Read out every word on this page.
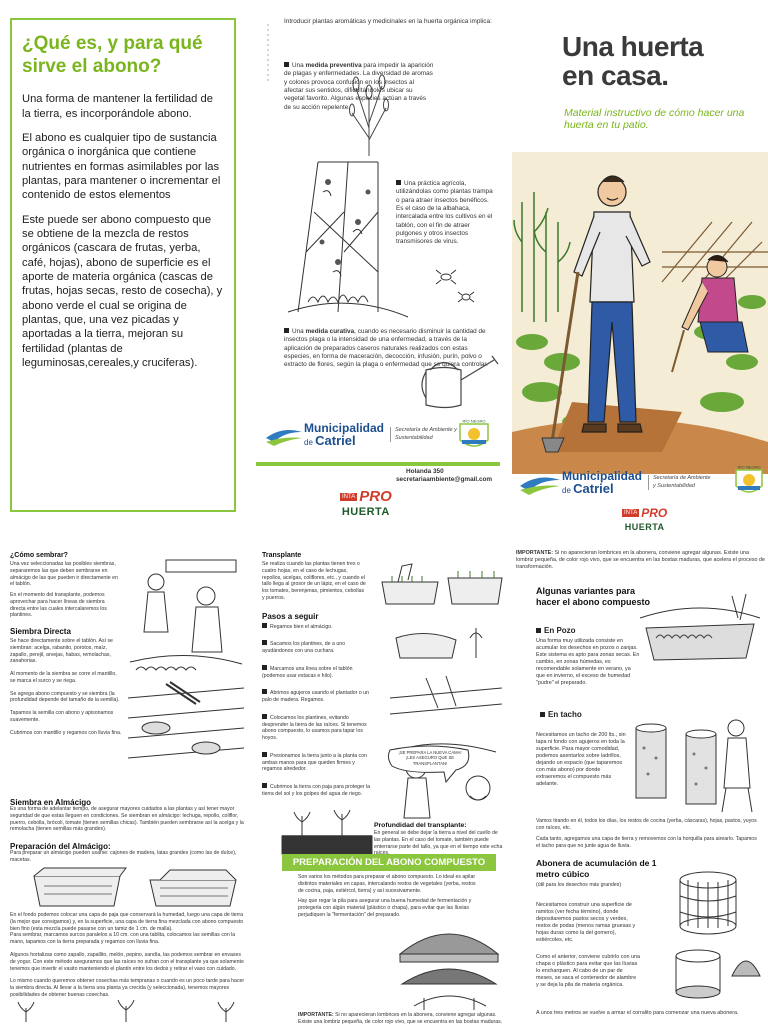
¿Qué es, y para qué sirve el abono?

Una forma de mantener la fertilidad de la tierra, es incorporándole abono.

El abono es cualquier tipo de sustancia orgánica o inorgánica que contiene nutrientes en formas asimilables por las plantas, para mantener o incrementar el contenido de estos elementos

Este puede ser abono compuesto que se obtiene de la mezcla de restos orgánicos (cascara de frutas, yerba, café, hojas), abono de superficie es el aporte de materia orgánica (cascas de frutas, hojas secas, resto de cosecha), y abono verde el cual se origina de plantas, que, una vez picadas y aportadas a la tierra, mejoran su fertilidad (plantas de leguminosas,cereales,y cruciferas).

Introducir plantas aromáticas y medicinales en la huerta orgánica implica:
Una medida preventiva para impedir la aparición de plagas y enfermedades. La diversidad de aromas y colores provoca confusión en los insectos al afectar sus sentidos, dificultándoles ubicar su vegetal favorito. Algunas especies actúan a través de su acción repelente.
Una práctica agrícola, utilizándolas como plantas trampa o para atraer insectos benéficos. Es el caso de la albahaca, intercalada entre los cultivos en el tablón, con el fin de atraer pulgones y otros insectos transmisores de virus.
Una medida curativa, cuando es necesario disminuir la cantidad de insectos plaga o la intensidad de una enfermedad, a través de la aplicación de preparados caseros naturales realizados con estas especies, en forma de maceración, decocción, infusión, purín, polvo o extracto de flores, según la plaga o enfermedad que se quiera controlar.
Municipalidad
de Catriel
Secretaría de Ambiente y Sustentabilidad
RÍO NEGRO
Holanda 350
secretariaambiente@gmail.com
INTA PRO
HUERTA
Una huerta
en casa.
Material instructivo de cómo hacer una huerta en tu patio.
Municipalidad
de Catriel
Secretaría de Ambiente y Sustentabilidad
RÍO NEGRO
INTA PRO
HUERTA
¿Cómo sembrar?
Una vez seleccionadas las posibles siembras, separaremos las que deben sembrarse en almácigo de las que pueden ir directamente en el tablón.
En el momento del transplante, podemos aprovechar para hacer líneas de siembra directa entre las cuales intercalaremos los plantines.
Siembra Directa
Se hace directamente sobre el tablón. Así se siembran: acelga, rabanito, porotos, maíz, zapallo, perejil, arvejas, habas, remolachas, zanahorias.
Al momento de la siembra se corre el mantillo, se marca el surco y se riega.
Se agrega abono compuesto y se siembra (la profundidad depende del tamaño de la semilla).
Tapamos la semilla con abono y apisonamos suavemente.
Cubrimos con mantillo y regamos con lluvia fina.
Siembra en Almácigo
Es una forma de adelantar tiempo, de asegurar mayores cuidados a las plantas y así tener mayor seguridad de que estas lleguen en condiciones. Se siembran en almácigo: lechuga, repollo, coliflor, puerro, cebolla, brócoli, tomate (tienen semillas chicas). También pueden sembrarse así la acelga y la remolacha (tienen semillas más grandes).
Preparación del Almácigo:
Para preparar un almácigo pueden usarse: cajones de madera, latas grandes (como las de dulce), macetas.
En el fondo podemos colocar una capa de paja que conservará la humedad, luego una capa de tierra (la mejor que consigamos) y, en la superficie, una capa de tierra fina mezclada con abono compuesto bien fino (esta mezcla puede pasarse con un tamiz de 1 cm. de malla).
Para sembrar, marcamos surcos paralelos a 10 cm. con una tablita, colocamos las semillas con la mano, tapamos con la tierra preparada y regamos con lluvia fina.
Algunos hortalizas como zapallo, zapallito, melón, pepino, sandía, las podemos sembrar en envases de yogur. Con este método aseguramos que las raíces no sufran con el transplante ya que solamente tenemos que invertir el vasito manteniendo el plantín entre los dedos y retirar el vaso con cuidado.
Lo mismo cuando queremos obtener cosechas más tempranas o cuando es un poco tarde para hacer la siembra directa. Al llevar a la tierra una planta ya crecida (y seleccionada), tenemos mayores posibilidades de obtener buenas cosechas.
Transplante
Se realiza cuando las plantas tienen tres o cuatro hojas, en el caso de lechugas, repollos, acelgas, coliflores, etc., y cuando el tallo llega al grosor de un lápiz, en el caso de los tomates, berenjenas, pimientos, cebollas y puerros.
Pasos a seguir
Regamos bien el almácigo.
Sacamos los plantines, de a uno ayudándonos con una cuchara.
Marcamos una línea sobre el tablón (podemos usar estacas e hilo).
Abrimos agujeros usando el plantador o un palo de madera. Regamos.
Colocamos los plantines, evitando desprender la tierra de las raíces. Si tenemos abono compuesto, lo usamos para tapar los hoyos.
Presionamos la tierra junto a la planta con ambas manos para que queden firmes y regamos alrededor.
Cubrimos la tierra con paja para proteger la tierra del sol y los golpes del agua de riego.
¡SE PREPARA LA NUEVA CAMA! ¡LES ASEGURO QUE SE TRANSPLANTAN!
Profundidad del transplante:
En general se debe dejar la tierra a nivel del cuello de las plantas. En el caso del tomate, también puede enterrarse parte del tallo, ya que en el tiempo este echa
PREPARACIÓN DEL ABONO COMPUESTO
Son varios los métodos para preparar el abono compuesto. Lo ideal es apilar distintos materiales en capas, intercalando restos de vegetales (yerba, restos de cocina, paja, estiércol, tierra) y así sucesivamente.
Hay que regar la pila para asegurar una buena humedad de fermentación y protegerla con algún material (plástico o chapa), para evitar que las lluvias perjudiquen la "fermentación" del preparado.
IMPORTANTE: Si no aparecieran lombrices en la abonera, conviene agregar algunas. Existe una lombriz pequeña, de color rojo vivo, que se encuentra en las bostas maduras.
IMPORTANTE: Si no aparecieran lombrices en la abonera, conviene agregar algunas. Existe una lombriz pequeña, de color rojo vivo, que se encuentra en las bostas maduras, que acelera el proceso de transformación.
Algunas variantes para hacer el abono compuesto
En Pozo
Una forma muy utilizada consiste en acumular los desechos en pozos o zanjas. Este sistema es apto para zonas secas. En cambio, en zonas húmedas, es recomendable solamente en verano, ya que en invierno, el exceso de humedad "pudre" el preparado.
En tacho
Necesitamos un tacho de 200 lts., sin tapa ni fondo con agujeros en toda la superficie. Para mayor comodidad, podemos asentarlos sobre ladrillos, dejando un espacio (que taparemos con más abono) por donde extraeremos el compuesto más adelante.
Vamos tirando en él, todos los días, los restos de cocina (yerba, cáscaras), hojas, pastos, yuyos con raíces, etc.
Cada tanto, agregamos una capa de tierra y removemos con la horquilla para airearlo. Tapamos el tacho para que no junte agua de lluvia.
Abonera de acumulación de 1 metro cúbico
(útil para los desechos más grandes)
Necesitamos construir una superficie de ramitos (ver fecha término), donde depositaremos pastos secos y verdes, restos de podas (menos ramas gruesas y hojas duras como la del gomero), estiércoles, etc.
Como el anterior, conviene cubrirlo con una chapa o plástico para evitar que las lluvias lo encharquen. Al cabo de un par de meses, se saca el contenedor de alambre y se deja la pila de materia orgánica.
A unos tres metros se vuelve a armar el corralito para comenzar una nueva abonera.
